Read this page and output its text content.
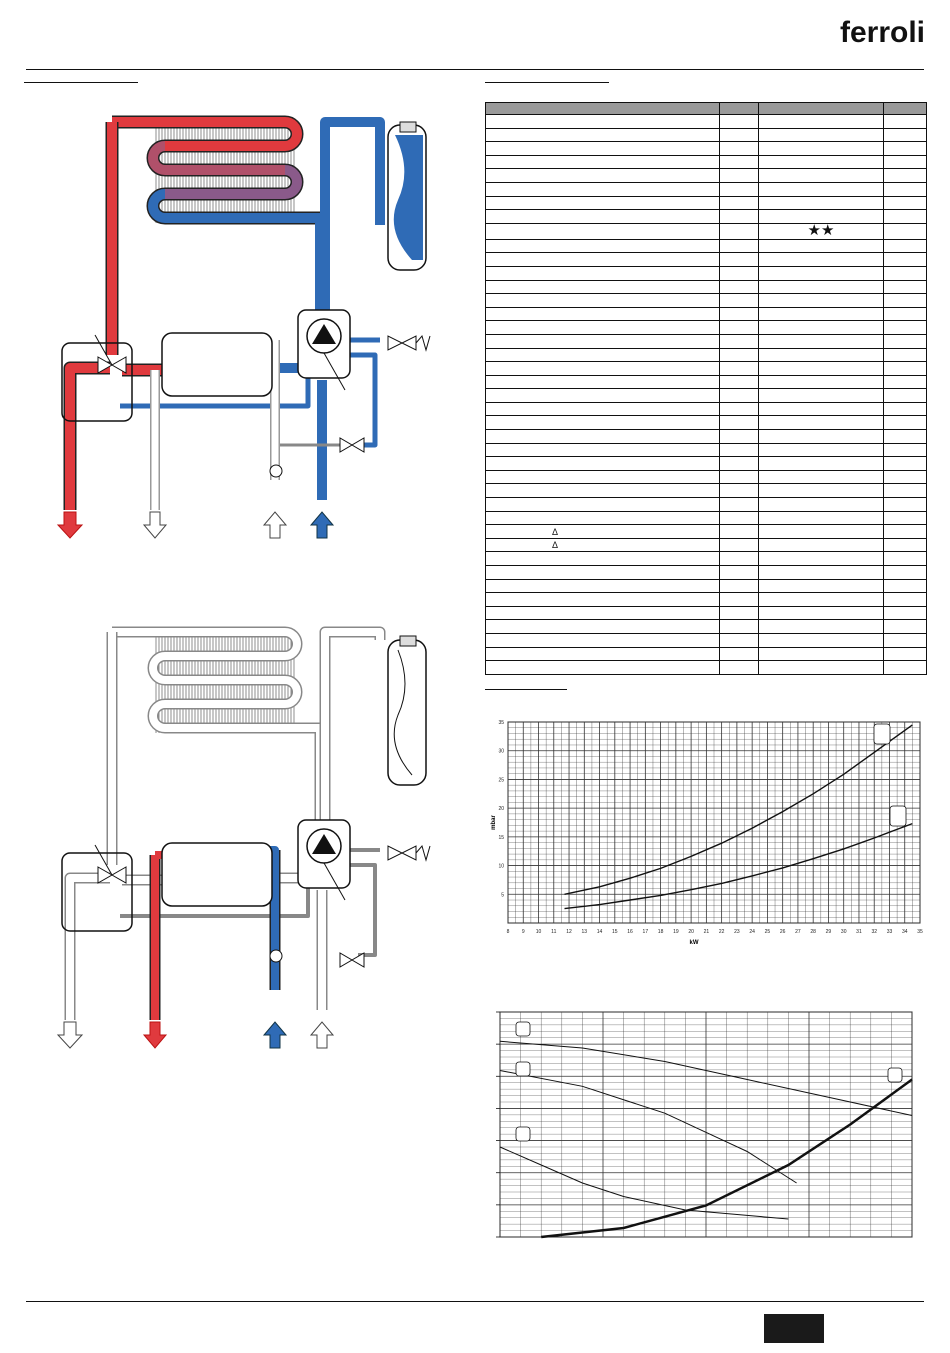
ferroli

		★★	

Δ			
Δ			

8 9 10 11 12 13 14 15 16 17 18 19 20 21 22 23 24 25 26 27 28 29 30 31 32 33 34 35
5
10
15
20
25
30
35
kW
mbar
